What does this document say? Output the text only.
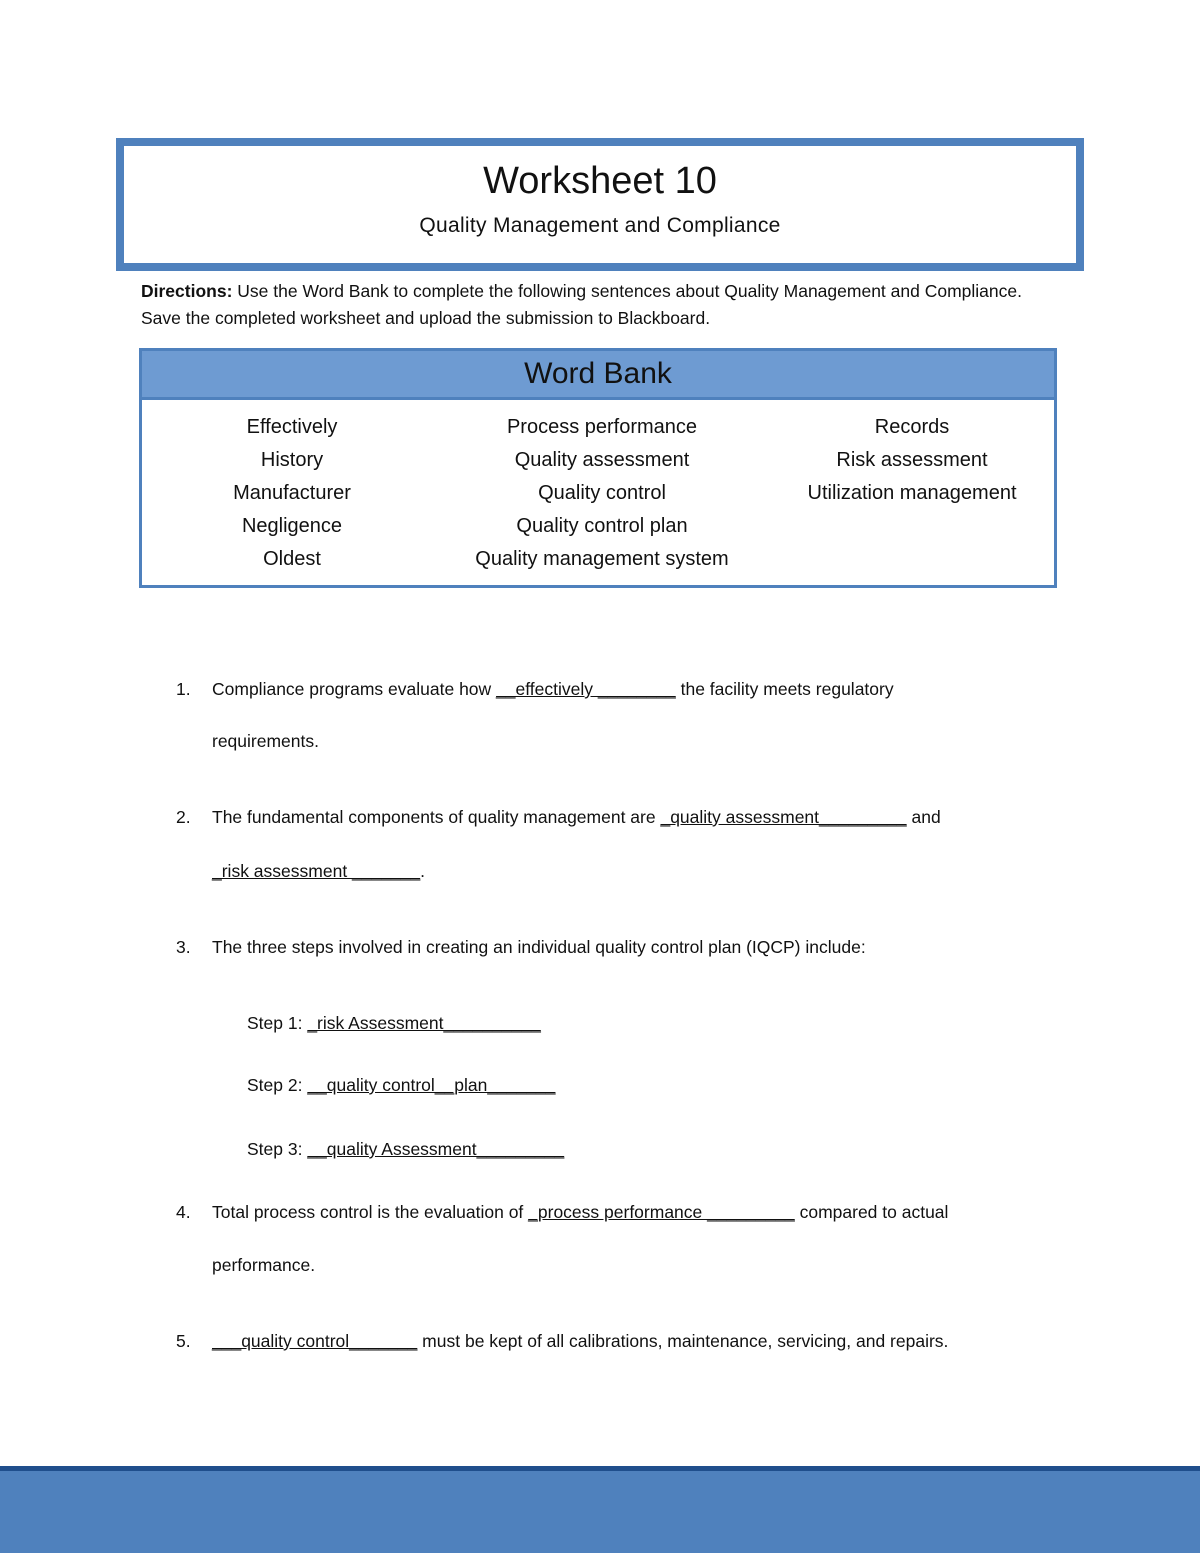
Worksheet 10
Quality Management and Compliance
Directions: Use the Word Bank to complete the following sentences about Quality Management and Compliance. Save the completed worksheet and upload the submission to Blackboard.
Word Bank
Effectively
History
Manufacturer
Negligence
Oldest
Process performance
Quality assessment
Quality control
Quality control plan
Quality management system
Records
Risk assessment
Utilization management
1. Compliance programs evaluate how __effectively ________ the facility meets regulatory
requirements.
2. The fundamental components of quality management are _quality assessment_________ and
_risk assessment _______.
3. The three steps involved in creating an individual quality control plan (IQCP) include:
Step 1: _risk Assessment__________
Step 2: __quality control__plan_______
Step 3: __quality Assessment_________
4. Total process control is the evaluation of _process performance _________ compared to actual
performance.
5. ___quality control_______ must be kept of all calibrations, maintenance, servicing, and repairs.
